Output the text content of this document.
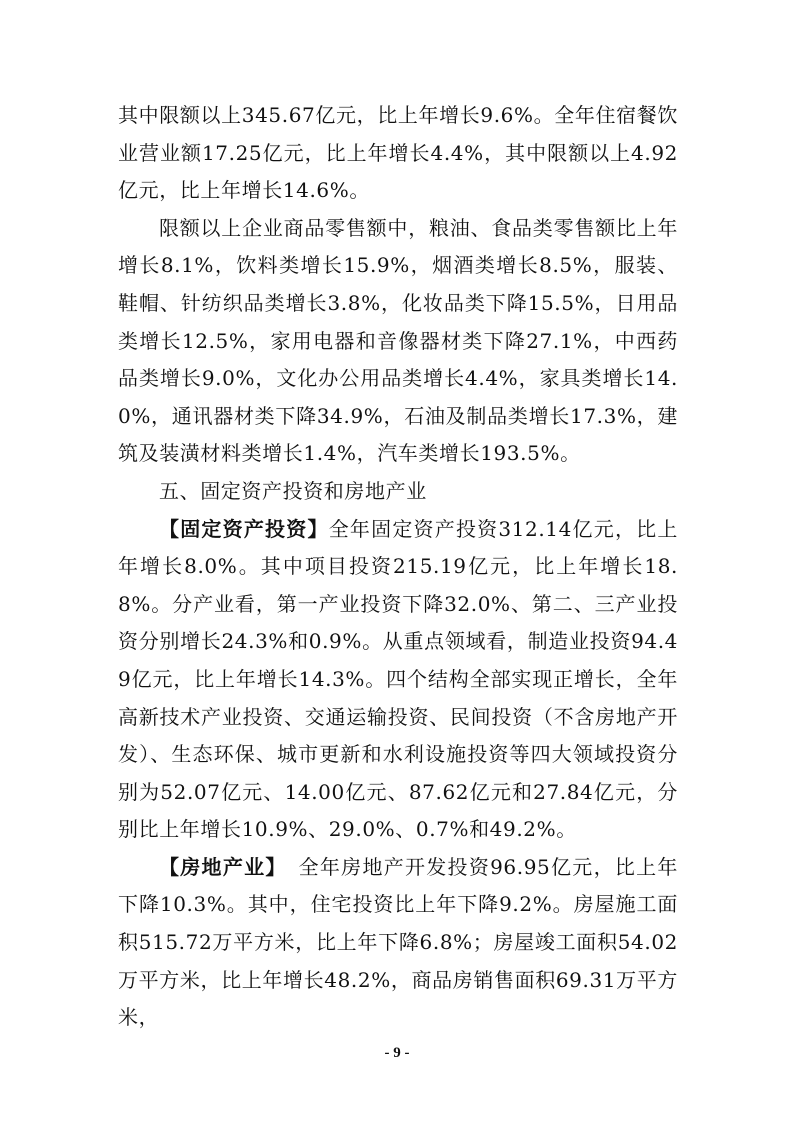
其中限额以上345.67亿元，比上年增长9.6%。全年住宿餐饮业营业额17.25亿元，比上年增长4.4%，其中限额以上4.92亿元，比上年增长14.6%。

限额以上企业商品零售额中，粮油、食品类零售额比上年增长8.1%，饮料类增长15.9%，烟酒类增长8.5%，服装、鞋帽、针纺织品类增长3.8%，化妆品类下降15.5%，日用品类增长12.5%，家用电器和音像器材类下降27.1%，中西药品类增长9.0%，文化办公用品类增长4.4%，家具类增长14.0%，通讯器材类下降34.9%，石油及制品类增长17.3%，建筑及装潢材料类增长1.4%，汽车类增长193.5%。

五、固定资产投资和房地产业

【固定资产投资】全年固定资产投资312.14亿元，比上年增长8.0%。其中项目投资215.19亿元，比上年增长18.8%。分产业看，第一产业投资下降32.0%、第二、三产业投资分别增长24.3%和0.9%。从重点领域看，制造业投资94.49亿元，比上年增长14.3%。四个结构全部实现正增长，全年高新技术产业投资、交通运输投资、民间投资（不含房地产开发）、生态环保、城市更新和水利设施投资等四大领域投资分别为52.07亿元、14.00亿元、87.62亿元和27.84亿元，分别比上年增长10.9%、29.0%、0.7%和49.2%。

【房地产业】 全年房地产开发投资96.95亿元，比上年下降10.3%。其中，住宅投资比上年下降9.2%。房屋施工面积515.72万平方米，比上年下降6.8%；房屋竣工面积54.02万平方米，比上年增长48.2%，商品房销售面积69.31万平方米，

- 9 -
